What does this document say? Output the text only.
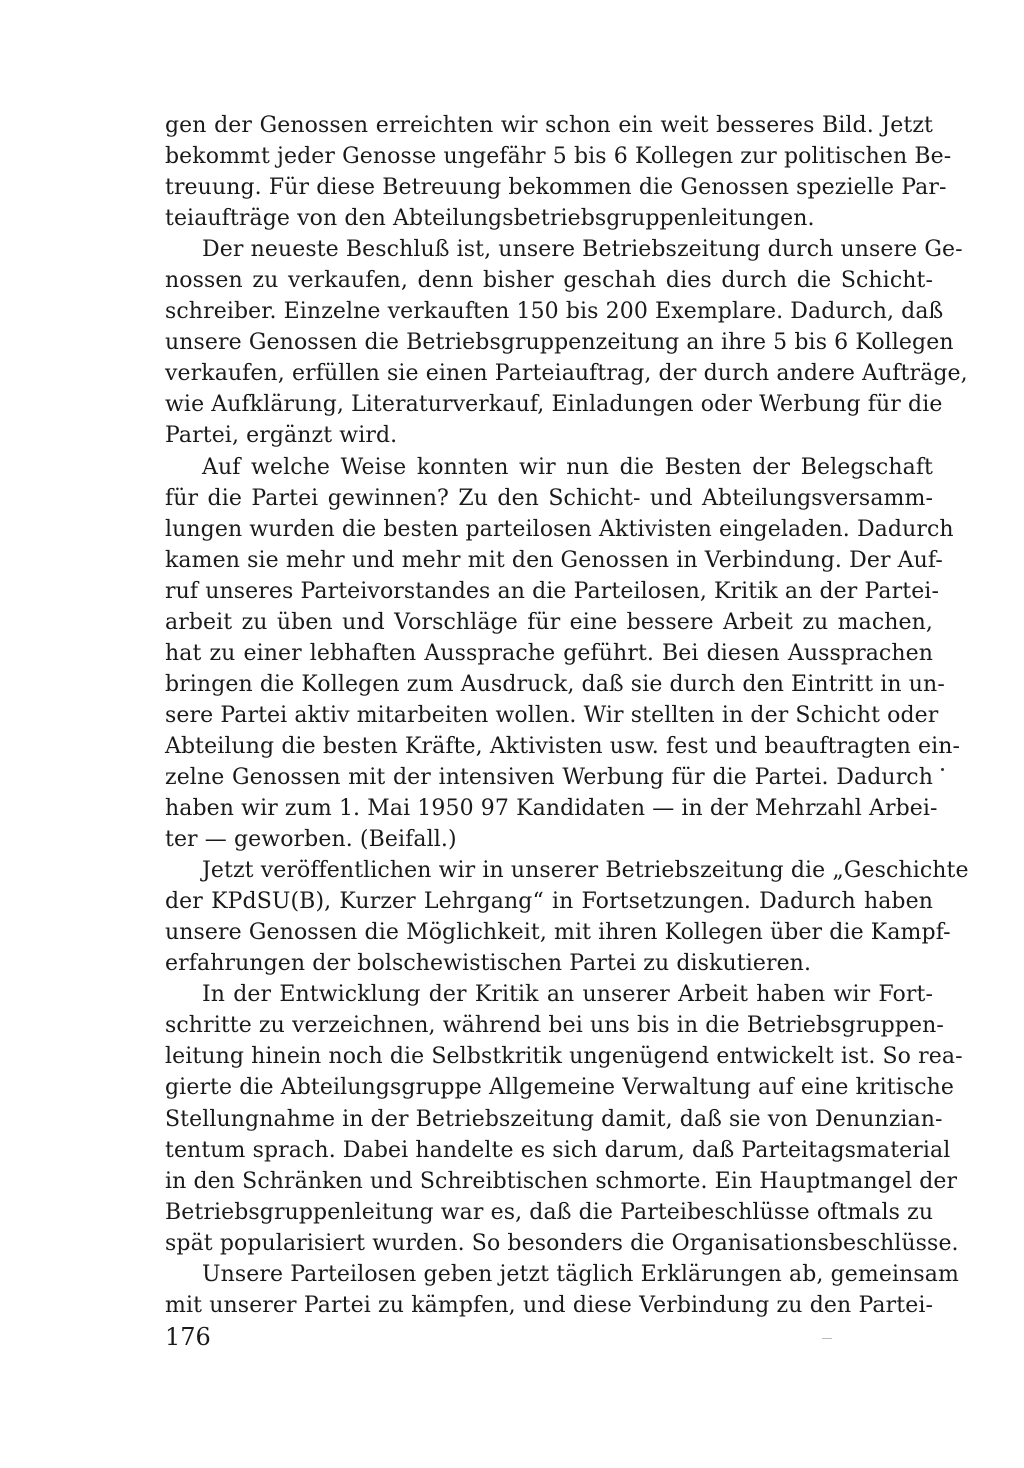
gen der Genossen erreichten wir schon ein weit besseres Bild. Jetzt
bekommt jeder Genosse ungefähr 5 bis 6 Kollegen zur politischen Be-
treuung. Für diese Betreuung bekommen die Genossen spezielle Par-
teiaufträge von den Abteilungsbetriebsgruppenleitungen.
Der neueste Beschluß ist, unsere Betriebszeitung durch unsere Ge-
nossen zu verkaufen, denn bisher geschah dies durch die Schicht-
schreiber. Einzelne verkauften 150 bis 200 Exemplare. Dadurch, daß
unsere Genossen die Betriebsgruppenzeitung an ihre 5 bis 6 Kollegen
verkaufen, erfüllen sie einen Parteiauftrag, der durch andere Aufträge,
wie Aufklärung, Literaturverkauf, Einladungen oder Werbung für die
Partei, ergänzt wird.
Auf welche Weise konnten wir nun die Besten der Belegschaft
für die Partei gewinnen? Zu den Schicht- und Abteilungsversamm-
lungen wurden die besten parteilosen Aktivisten eingeladen. Dadurch
kamen sie mehr und mehr mit den Genossen in Verbindung. Der Auf-
ruf unseres Parteivorstandes an die Parteilosen, Kritik an der Partei-
arbeit zu üben und Vorschläge für eine bessere Arbeit zu machen,
hat zu einer lebhaften Aussprache geführt. Bei diesen Aussprachen
bringen die Kollegen zum Ausdruck, daß sie durch den Eintritt in un-
sere Partei aktiv mitarbeiten wollen. Wir stellten in der Schicht oder
Abteilung die besten Kräfte, Aktivisten usw. fest und beauftragten ein-
zelne Genossen mit der intensiven Werbung für die Partei. Dadurch
haben wir zum 1. Mai 1950 97 Kandidaten — in der Mehrzahl Arbei-
ter — geworben. (Beifall.)
Jetzt veröffentlichen wir in unserer Betriebszeitung die „Geschichte
der KPdSU(B), Kurzer Lehrgang“ in Fortsetzungen. Dadurch haben
unsere Genossen die Möglichkeit, mit ihren Kollegen über die Kampf-
erfahrungen der bolschewistischen Partei zu diskutieren.
In der Entwicklung der Kritik an unserer Arbeit haben wir Fort-
schritte zu verzeichnen, während bei uns bis in die Betriebsgruppen-
leitung hinein noch die Selbstkritik ungenügend entwickelt ist. So rea-
gierte die Abteilungsgruppe Allgemeine Verwaltung auf eine kritische
Stellungnahme in der Betriebszeitung damit, daß sie von Denunzian-
tentum sprach. Dabei handelte es sich darum, daß Parteitagsmaterial
in den Schränken und Schreibtischen schmorte. Ein Hauptmangel der
Betriebsgruppenleitung war es, daß die Parteibeschlüsse oftmals zu
spät popularisiert wurden. So besonders die Organisationsbeschlüsse.
Unsere Parteilosen geben jetzt täglich Erklärungen ab, gemeinsam
mit unserer Partei zu kämpfen, und diese Verbindung zu den Partei-
176
